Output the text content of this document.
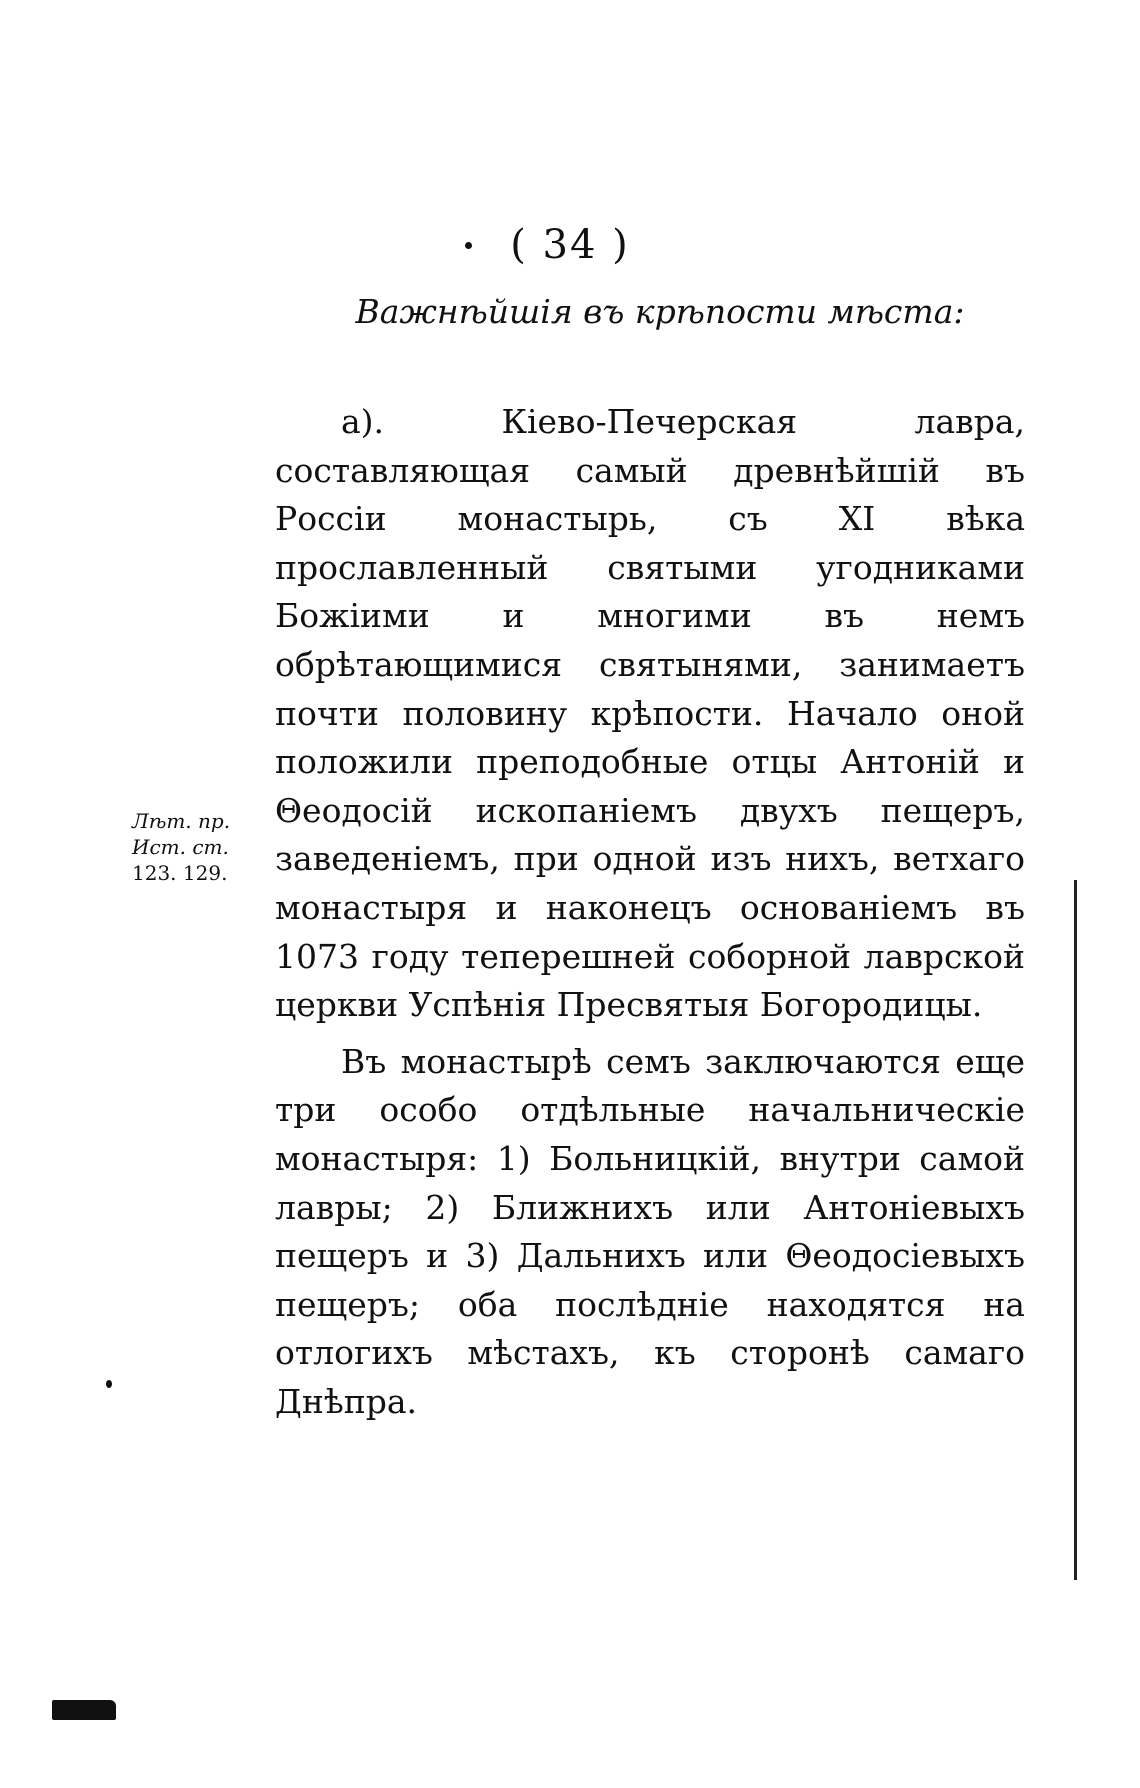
( 34 )
Важнѣйшія въ крѣпости мѣста:

а). Кіево-Печерская лавра, составляющая самый древнѣйшій въ Россіи монастырь, съ XI вѣка прославленный святыми угодниками Божіими и многими въ немъ обрѣтающимися святынями, занимаетъ почти половину крѣпости. Начало оной положили преподобные отцы Антоній и Θеодосій ископаніемъ двухъ пещеръ, заведеніемъ, при одной изъ нихъ, ветхаго монастыря и наконецъ основаніемъ въ 1073 году теперешней соборной лаврской церкви Успѣнія Пресвятыя Богородицы.

Въ монастырѣ семъ заключаются еще три особо отдѣльные начальническіе монастыря: 1) Больницкій, внутри самой лавры; 2) Ближнихъ или Антоніевыхъ пещеръ и 3) Дальнихъ или Θеодосіевыхъ пещеръ; оба послѣдніе находятся на отлогихъ мѣстахъ, къ сторонѣ самаго Днѣпра.

Лѣт. пр.
Ист. ст.
123. 129.
